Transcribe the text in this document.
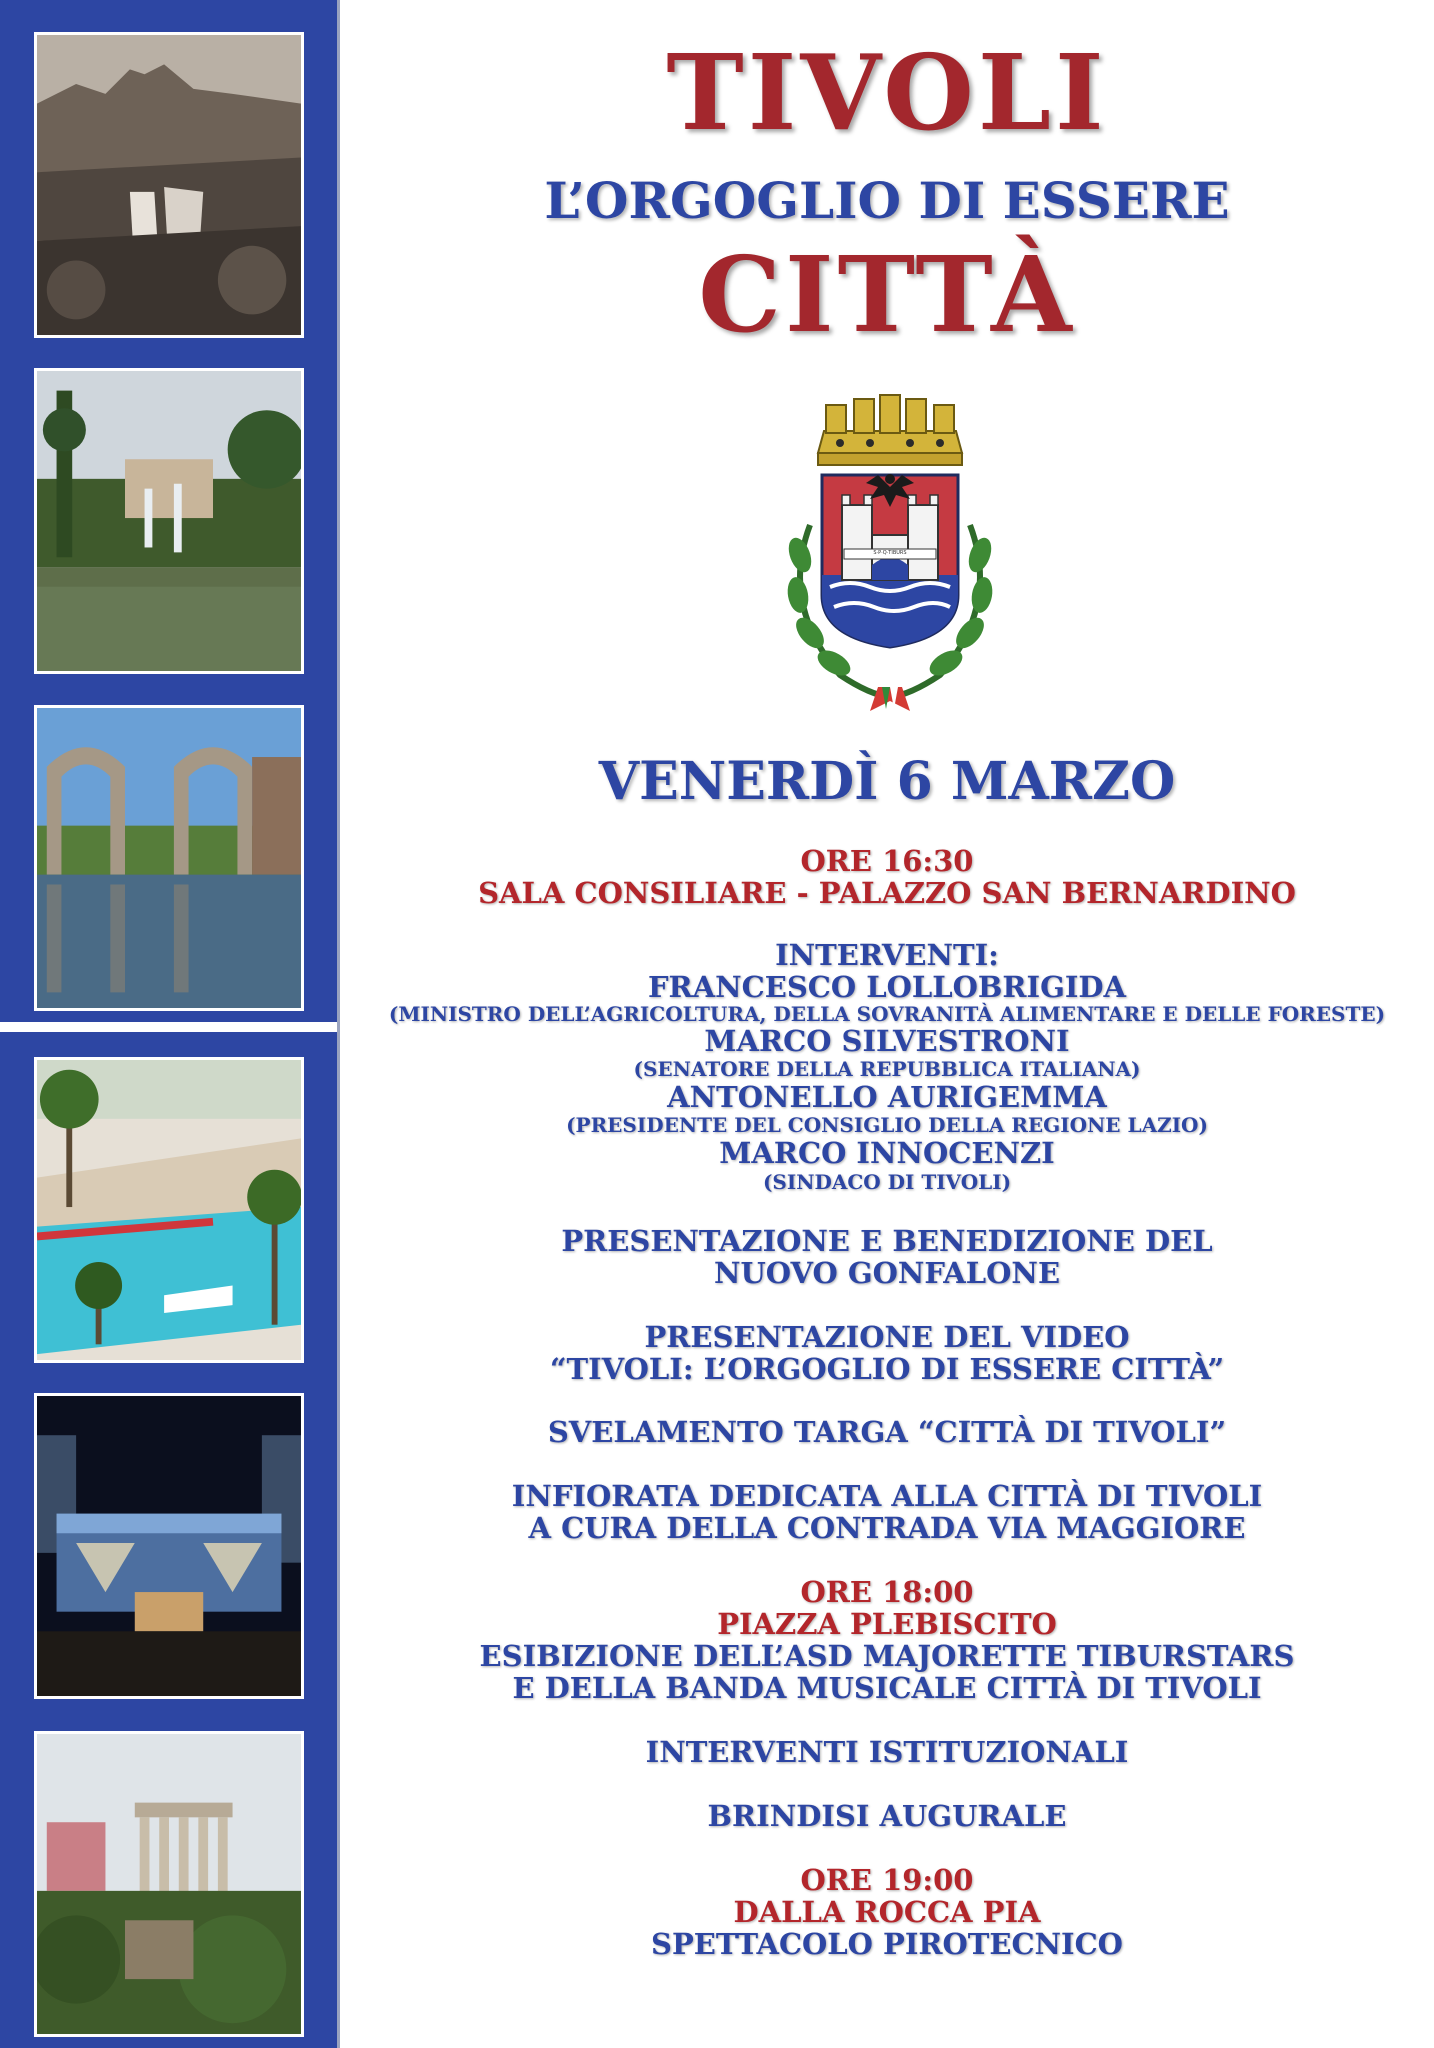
TIVOLI
L’ORGOGLIO DI ESSERE
CITTÀ
S·P·Q·TIBURS
VENERDÌ 6 MARZO
ORE 16:30
SALA CONSILIARE - PALAZZO SAN BERNARDINO
INTERVENTI:
FRANCESCO LOLLOBRIGIDA
(MINISTRO DELL’AGRICOLTURA, DELLA SOVRANITÀ ALIMENTARE E DELLE FORESTE)
MARCO SILVESTRONI
(SENATORE DELLA REPUBBLICA ITALIANA)
ANTONELLO AURIGEMMA
(PRESIDENTE DEL CONSIGLIO DELLA REGIONE LAZIO)
MARCO INNOCENZI
(SINDACO DI TIVOLI)
PRESENTAZIONE E BENEDIZIONE DEL
NUOVO GONFALONE
PRESENTAZIONE DEL VIDEO
“TIVOLI: L’ORGOGLIO DI ESSERE CITTÀ”
SVELAMENTO TARGA “CITTÀ DI TIVOLI”
INFIORATA DEDICATA ALLA CITTÀ DI TIVOLI
A CURA DELLA CONTRADA VIA MAGGIORE
ORE 18:00
PIAZZA PLEBISCITO
ESIBIZIONE DELL’ASD MAJORETTE TIBURSTARS
E DELLA BANDA MUSICALE CITTÀ DI TIVOLI
INTERVENTI ISTITUZIONALI
BRINDISI AUGURALE
ORE 19:00
DALLA ROCCA PIA
SPETTACOLO PIROTECNICO
